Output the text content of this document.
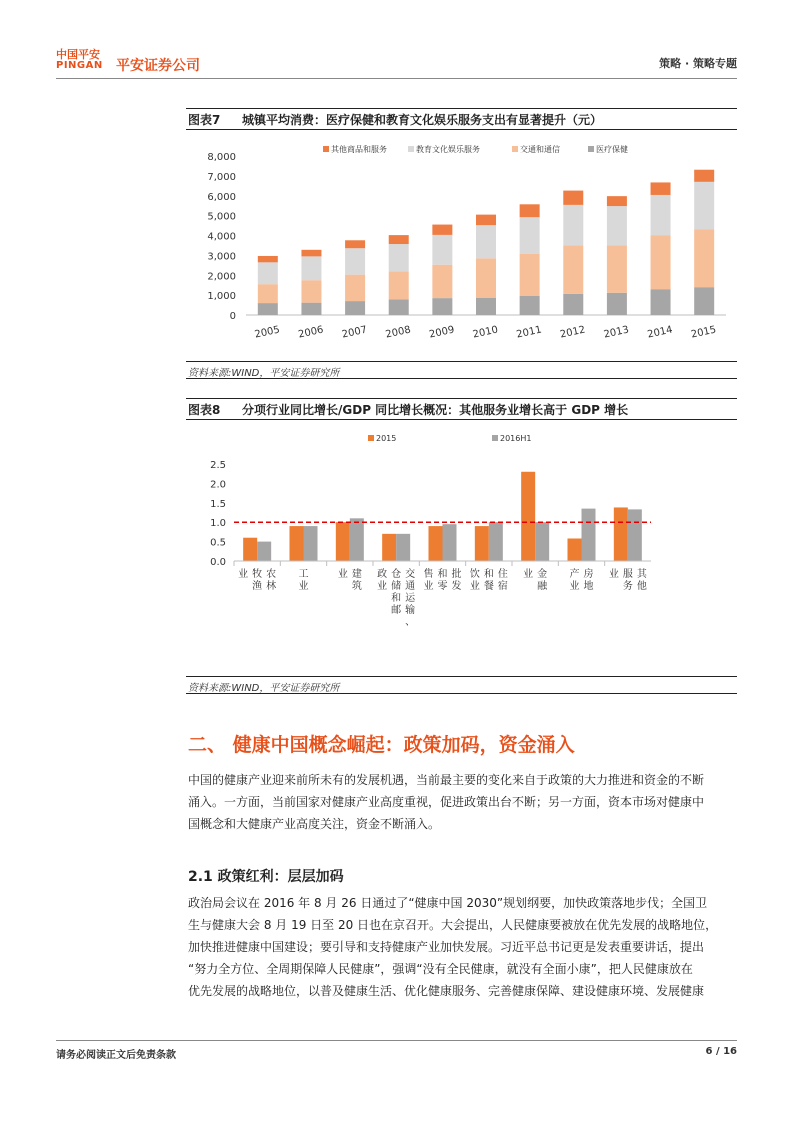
中国平安
PINGAN 平安证券公司	策略 · 策略专题
图表7 城镇平均消费：医疗保健和教育文化娱乐服务支出有显著提升（元）
0
1,000
2,000
3,000
4,000
5,000
6,000
7,000
8,000
2005 2006 2007 2008 2009 2010 2011 2012 2013 2014 2015
其他商品和服务	教育文化娱乐服务	交通和通信	医疗保健
资料来源:WIND，平安证券研究所
图表8 分项行业同比增长/GDP 同比增长概况：其他服务业增长高于 GDP 增长
0.0
0.5
1.0
1.5
2.0
2.5
农林
牧渔
业	工业
建筑
业	交通运输、
仓储和邮
政业
批发
和零
售业
住宿
和餐
饮业
金融
业	房地
产业
其他
服务
业
2015	2016H1
资料来源:WIND，平安证券研究所
二、 健康中国概念崛起：政策加码，资金涌入
中国的健康产业迎来前所未有的发展机遇，当前最主要的变化来自于政策的大力推进和资金的不断
涌入。一方面，当前国家对健康产业高度重视，促进政策出台不断；另一方面，资本市场对健康中
国概念和大健康产业高度关注，资金不断涌入。
2.1 政策红利：层层加码
政治局会议在 2016 年 8 月 26 日通过了“健康中国 2030”规划纲要，加快政策落地步伐；全国卫
生与健康大会 8 月 19 日至 20 日也在京召开。大会提出，人民健康要被放在优先发展的战略地位，
加快推进健康中国建设；要引导和支持健康产业加快发展。习近平总书记更是发表重要讲话，提出
“努力全方位、全周期保障人民健康”，强调“没有全民健康，就没有全面小康”，把人民健康放在
优先发展的战略地位，以普及健康生活、优化健康服务、完善健康保障、建设健康环境、发展健康
请务必阅读正文后免责条款	6 / 16
